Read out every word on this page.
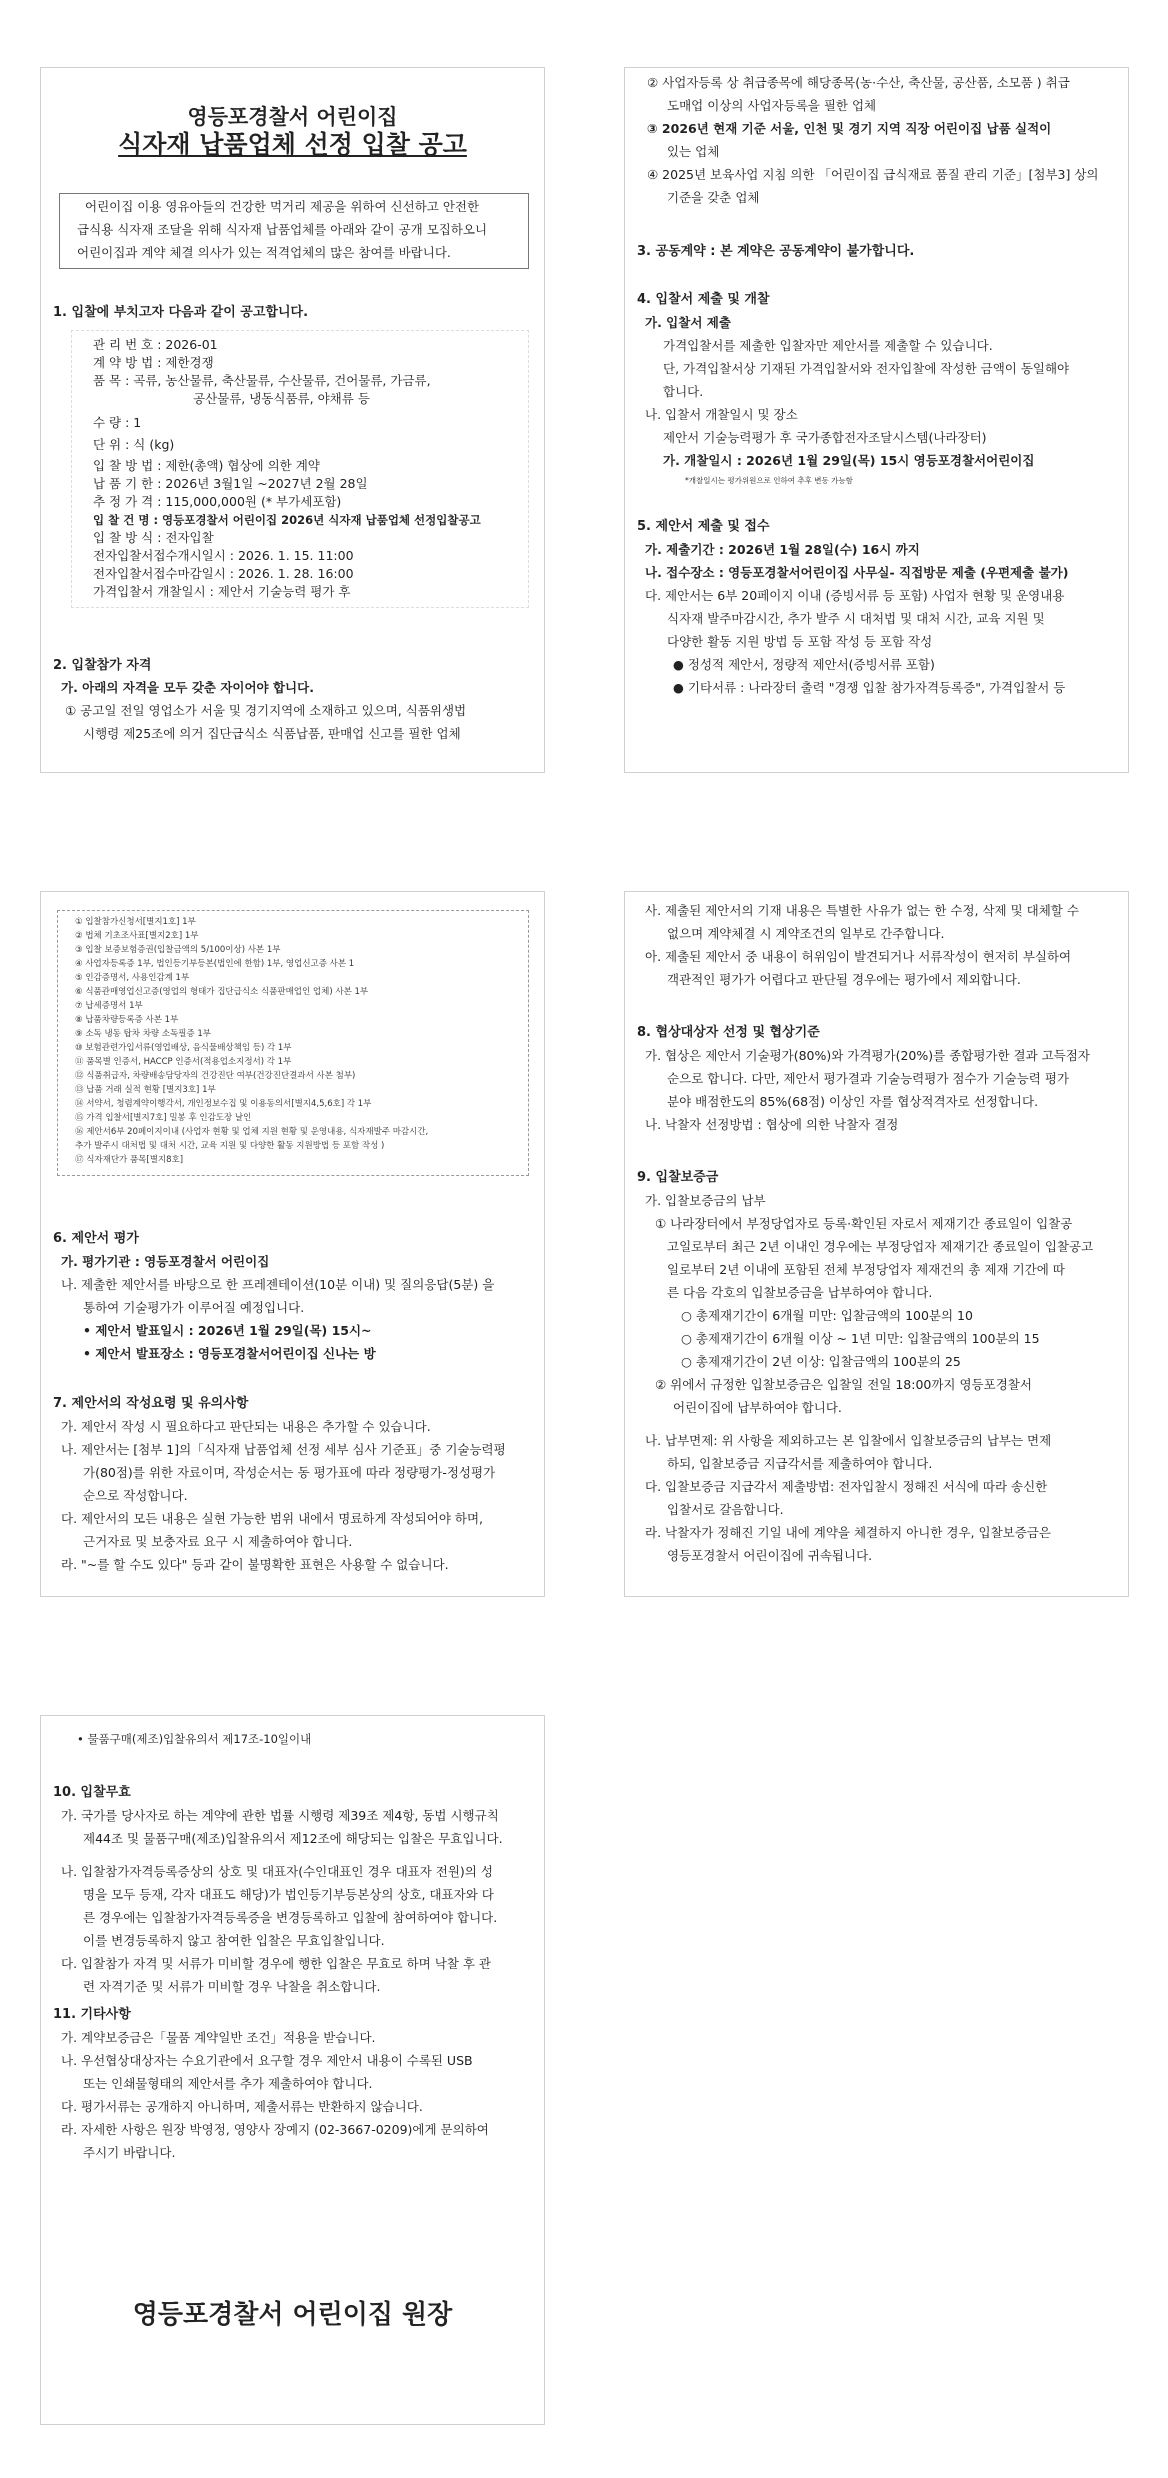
영등포경찰서 어린이집
식자재 납품업체 선정 입찰 공고
어린이집 이용 영유아들의 건강한 먹거리 제공을 위하여 신선하고 안전한
급식용 식자재 조달을 위해 식자재 납품업체를 아래와 같이 공개 모집하오니
어린이집과 계약 체결 의사가 있는 적격업체의 많은 참여를 바랍니다.
1. 입찰에 부치고자 다음과 같이 공고합니다.
관 리 번 호 : 2026-01
계 약 방 법 : 제한경쟁
품 목 : 곡류, 농산물류, 축산물류, 수산물류, 건어물류, 가금류,
공산물류, 냉동식품류, 야채류 등
수 량 : 1
단 위 : 식 (kg)
입 찰 방 법 : 제한(총액) 협상에 의한 계약
납 품 기 한 : 2026년 3월1일 ~2027년 2월 28일
추 정 가 격 : 115,000,000원 (* 부가세포함)
입 찰 건 명 : 영등포경찰서 어린이집 2026년 식자재 납품업체 선정입찰공고
입 찰 방 식 : 전자입찰
전자입찰서접수개시일시 : 2026. 1. 15. 11:00
전자입찰서접수마감일시 : 2026. 1. 28. 16:00
가격입찰서 개찰일시 : 제안서 기술능력 평가 후
2. 입찰참가 자격
가. 아래의 자격을 모두 갖춘 자이어야 합니다.
① 공고일 전일 영업소가 서울 및 경기지역에 소재하고 있으며, 식품위생법
시행령 제25조에 의거 집단급식소 식품납품, 판매업 신고를 필한 업체
② 사업자등록 상 취급종목에 해당종목(농·수산, 축산물, 공산품, 소모품 ) 취급
도매업 이상의 사업자등록을 필한 업체
③ 2026년 현재 기준 서울, 인천 및 경기 지역 직장 어린이집 납품 실적이
있는 업체
④ 2025년 보육사업 지침 의한 「어린이집 급식재료 품질 관리 기준」[첨부3] 상의
기준을 갖춘 업체
3. 공동계약 : 본 계약은 공동계약이 불가합니다.
4. 입찰서 제출 및 개찰
가. 입찰서 제출
가격입찰서를 제출한 입찰자만 제안서를 제출할 수 있습니다.
단, 가격입찰서상 기재된 가격입찰서와 전자입찰에 작성한 금액이 동일해야
합니다.
나. 입찰서 개찰일시 및 장소
제안서 기술능력평가 후 국가종합전자조달시스템(나라장터)
가. 개찰일시 : 2026년 1월 29일(목) 15시 영등포경찰서어린이집
*개찰일시는 평가위원으로 인하여 추후 변동 가능함
5. 제안서 제출 및 접수
가. 제출기간 : 2026년 1월 28일(수) 16시 까지
나. 접수장소 : 영등포경찰서어린이집 사무실- 직접방문 제출 (우편제출 불가)
다. 제안서는 6부 20페이지 이내 (증빙서류 등 포함) 사업자 현황 및 운영내용
식자재 발주마감시간, 추가 발주 시 대처법 및 대처 시간, 교육 지원 및
다양한 활동 지원 방법 등 포함 작성 등 포함 작성
● 정성적 제안서, 정량적 제안서(증빙서류 포함)
● 기타서류 : 나라장터 출력 "경쟁 입찰 참가자격등록증", 가격입찰서 등
① 입찰참가신청서[별지1호] 1부
② 법체 기초조사표[별지2호] 1부
③ 입찰 보증보험증권(입찰금액의 5/100이상) 사본 1부
④ 사업자등록증 1부, 법인등기부등본(법인에 한함) 1부, 영업신고증 사본 1
⑤ 인감증명서, 사용인감계 1부
⑥ 식품관매영업신고증(영업의 형태가 집단급식소 식품판매업인 업체) 사본 1부
⑦ 납세증명서 1부
⑧ 납품차량등록증 사본 1부
⑨ 소독 냉동 탑차 차량 소독필증 1부
⑩ 보험관련가입서류(영업배상, 음식물배상책임 등) 각 1부
⑪ 품목별 인증서, HACCP 인증서(적용업소지정서) 각 1부
⑫ 식품취급자, 차량배송담당자의 건강진단 여부(건강진단결과서 사본 첨부)
⑬ 납품 거래 실적 현황 [별지3호] 1부
⑭ 서약서, 청렴계약이행각서, 개인정보수집 및 이용동의서[별지4,5,6호] 각 1부
⑮ 가격 입찰서[별지7호] 밀봉 후 인감도장 날인
⑯ 제안서6부 20페이지이내 (사업자 현황 및 업체 지원 현황 및 운영내용, 식자재발주 마감시간,
추가 발주시 대처법 및 대처 시간, 교육 지원 및 다양한 활동 지원방법 등 포함 작성 )
⑰ 식자재단가 품목[별지8호]
6. 제안서 평가
가. 평가기관 : 영등포경찰서 어린이집
나. 제출한 제안서를 바탕으로 한 프레젠테이션(10분 이내) 및 질의응답(5분) 을
통하여 기술평가가 이루어질 예정입니다.
• 제안서 발표일시 : 2026년 1월 29일(목) 15시~
• 제안서 발표장소 : 영등포경찰서어린이집 신나는 방
7. 제안서의 작성요령 및 유의사항
가. 제안서 작성 시 필요하다고 판단되는 내용은 추가할 수 있습니다.
나. 제안서는 [첨부 1]의「식자재 납품업체 선정 세부 심사 기준표」중 기술능력평
가(80점)를 위한 자료이며, 작성순서는 동 평가표에 따라 정량평가-정성평가
순으로 작성합니다.
다. 제안서의 모든 내용은 실현 가능한 범위 내에서 명료하게 작성되어야 하며,
근거자료 및 보충자료 요구 시 제출하여야 합니다.
라. "~를 할 수도 있다" 등과 같이 불명확한 표현은 사용할 수 없습니다.
사. 제출된 제안서의 기재 내용은 특별한 사유가 없는 한 수정, 삭제 및 대체할 수
없으며 계약체결 시 계약조건의 일부로 간주합니다.
아. 제출된 제안서 중 내용이 허위임이 발견되거나 서류작성이 현저히 부실하여
객관적인 평가가 어렵다고 판단될 경우에는 평가에서 제외합니다.
8. 협상대상자 선정 및 협상기준
가. 협상은 제안서 기술평가(80%)와 가격평가(20%)를 종합평가한 결과 고득점자
순으로 합니다. 다만, 제안서 평가결과 기술능력평가 점수가 기술능력 평가
분야 배점한도의 85%(68점) 이상인 자를 협상적격자로 선정합니다.
나. 낙찰자 선정방법 : 협상에 의한 낙찰자 결정
9. 입찰보증금
가. 입찰보증금의 납부
① 나라장터에서 부정당업자로 등록·확인된 자로서 제재기간 종료일이 입찰공
고일로부터 최근 2년 이내인 경우에는 부정당업자 제재기간 종료일이 입찰공고
일로부터 2년 이내에 포함된 전체 부정당업자 제재건의 총 제재 기간에 따
른 다음 각호의 입찰보증금을 납부하여야 합니다.
○ 총제재기간이 6개월 미만: 입찰금액의 100분의 10
○ 총제재기간이 6개월 이상 ~ 1년 미만: 입찰금액의 100분의 15
○ 총제재기간이 2년 이상: 입찰금액의 100분의 25
② 위에서 규정한 입찰보증금은 입찰일 전일 18:00까지 영등포경찰서
어린이집에 납부하여야 합니다.
나. 납부면제: 위 사항을 제외하고는 본 입찰에서 입찰보증금의 납부는 면제
하되, 입찰보증금 지급각서를 제출하여야 합니다.
다. 입찰보증금 지급각서 제출방법: 전자입찰시 정해진 서식에 따라 송신한
입찰서로 갈음합니다.
라. 낙찰자가 정해진 기일 내에 계약을 체결하지 아니한 경우, 입찰보증금은
영등포경찰서 어린이집에 귀속됩니다.
• 물품구매(제조)입찰유의서 제17조-10일이내
10. 입찰무효
가. 국가를 당사자로 하는 계약에 관한 법률 시행령 제39조 제4항, 동법 시행규칙
제44조 및 물품구매(제조)입찰유의서 제12조에 해당되는 입찰은 무효입니다.
나. 입찰참가자격등록증상의 상호 및 대표자(수인대표인 경우 대표자 전원)의 성
명을 모두 등재, 각자 대표도 해당)가 법인등기부등본상의 상호, 대표자와 다
른 경우에는 입찰참가자격등록증을 변경등록하고 입찰에 참여하여야 합니다.
이를 변경등록하지 않고 참여한 입찰은 무효입찰입니다.
다. 입찰참가 자격 및 서류가 미비할 경우에 행한 입찰은 무효로 하며 낙찰 후 관
련 자격기준 및 서류가 미비할 경우 낙찰을 취소합니다.
11. 기타사항
가. 계약보증금은「물품 계약일반 조건」적용을 받습니다.
나. 우선협상대상자는 수요기관에서 요구할 경우 제안서 내용이 수록된 USB
또는 인쇄물형태의 제안서를 추가 제출하여야 합니다.
다. 평가서류는 공개하지 아니하며, 제출서류는 반환하지 않습니다.
라. 자세한 사항은 원장 박영정, 영양사 장예지 (02-3667-0209)에게 문의하여
주시기 바랍니다.
영등포경찰서 어린이집 원장
